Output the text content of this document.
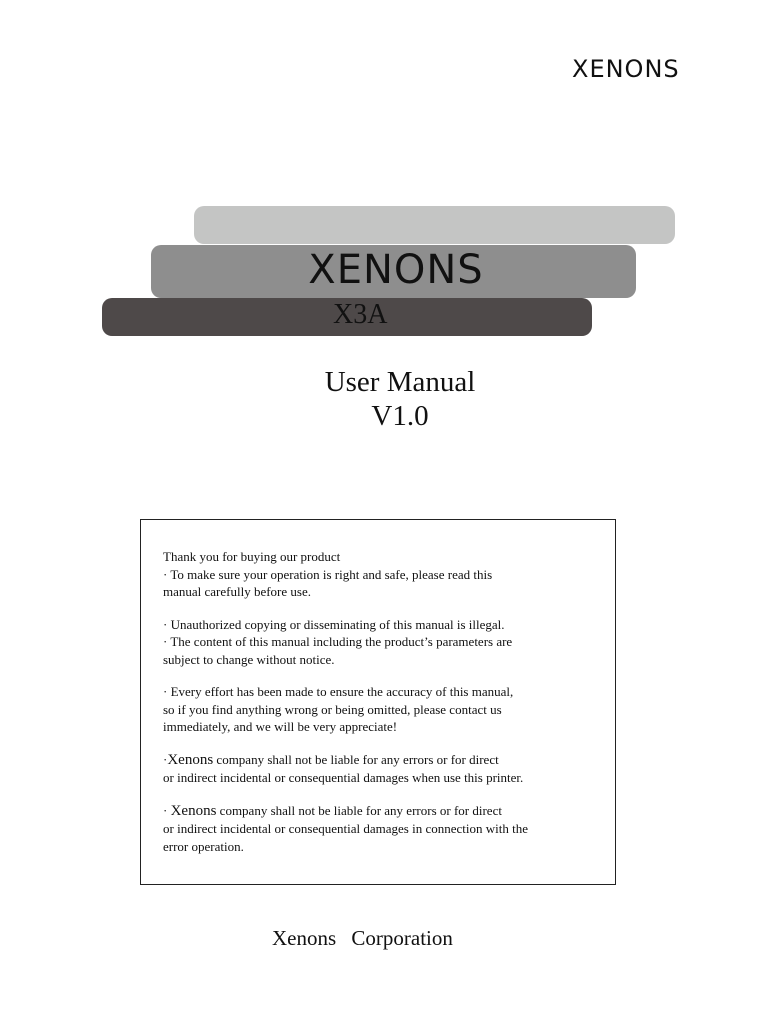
XENONS
XENONS
X3A
User Manual
V1.0

Thank you for buying our product
· To make sure your operation is right and safe, please read this
manual carefully before use.

· Unauthorized copying or disseminating of this manual is illegal.
· The content of this manual including the product’s parameters are
subject to change without notice.

· Every effort has been made to ensure the accuracy of this manual,
so if you find anything wrong or being omitted, please contact us
immediately, and we will be very appreciate!

·Xenons company shall not be liable for any errors or for direct
or indirect incidental or consequential damages when use this printer.

· Xenons company shall not be liable for any errors or for direct
or indirect incidental or consequential damages in connection with the
error operation.

Xenons Corporation
